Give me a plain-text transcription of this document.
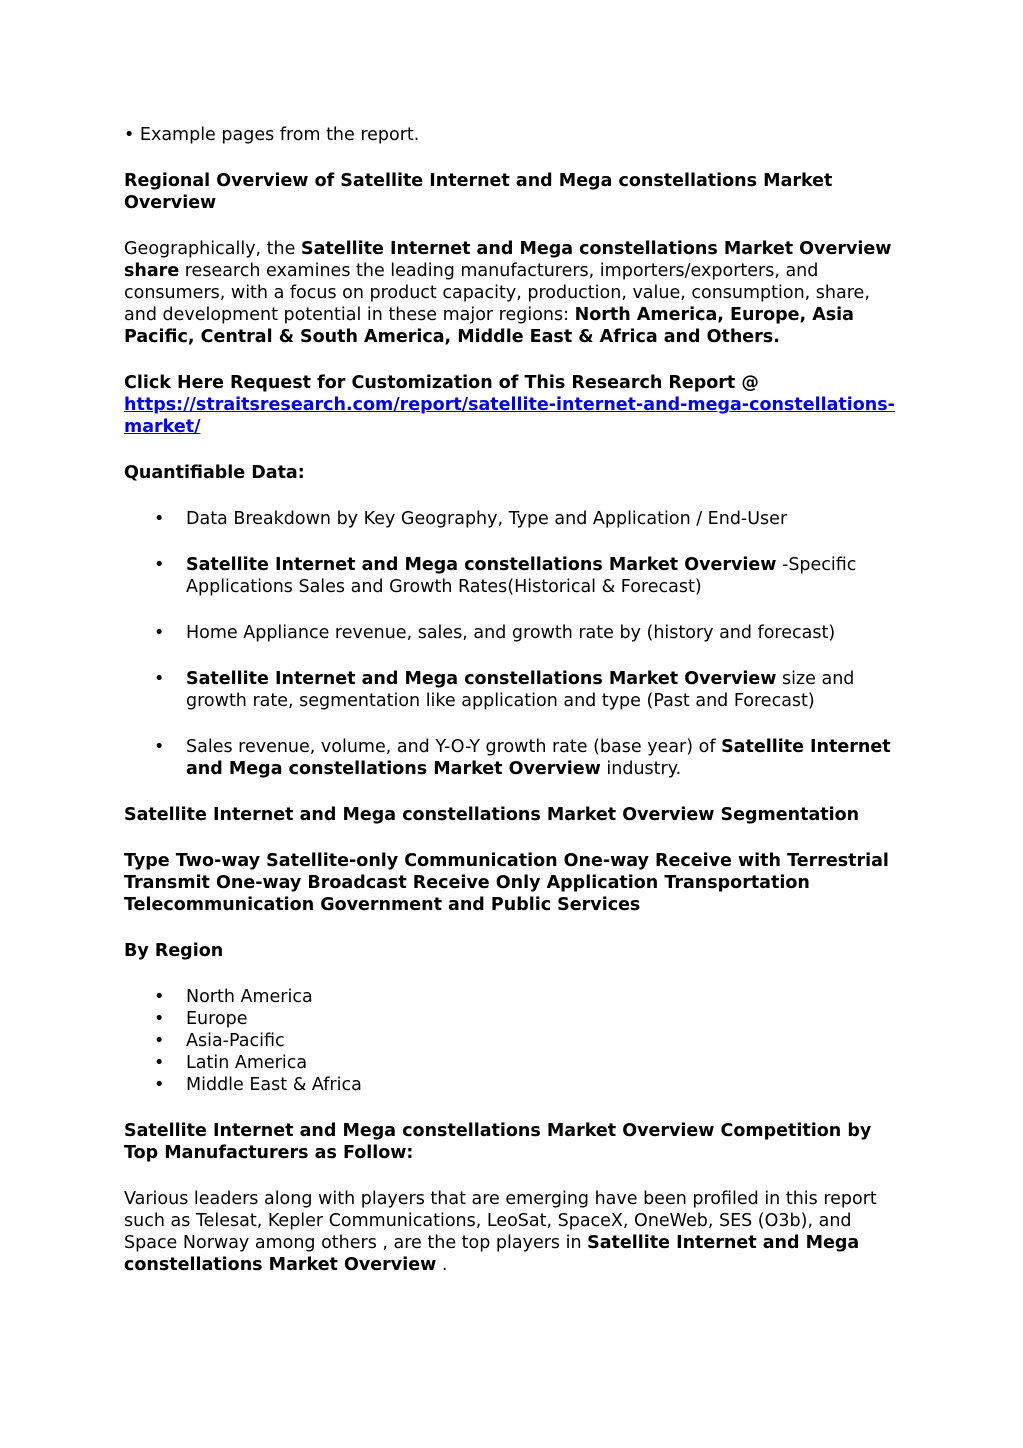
• Example pages from the report.

Regional Overview of Satellite Internet and Mega constellations Market Overview

Geographically, the Satellite Internet and Mega constellations Market Overview share research examines the leading manufacturers, importers/exporters, and consumers, with a focus on product capacity, production, value, consumption, share, and development potential in these major regions: North America, Europe, Asia Pacific, Central & South America, Middle East & Africa and Others.

Click Here Request for Customization of This Research Report @ https://straitsresearch.com/report/satellite-internet-and-mega-constellations-market/

Quantifiable Data:

• Data Breakdown by Key Geography, Type and Application / End-User
• Satellite Internet and Mega constellations Market Overview -Specific Applications Sales and Growth Rates(Historical & Forecast)
• Home Appliance revenue, sales, and growth rate by (history and forecast)
• Satellite Internet and Mega constellations Market Overview size and growth rate, segmentation like application and type (Past and Forecast)
• Sales revenue, volume, and Y-O-Y growth rate (base year) of Satellite Internet and Mega constellations Market Overview industry.

Satellite Internet and Mega constellations Market Overview Segmentation

Type Two-way Satellite-only Communication One-way Receive with Terrestrial Transmit One-way Broadcast Receive Only Application Transportation Telecommunication Government and Public Services

By Region

• North America
• Europe
• Asia-Pacific
• Latin America
• Middle East & Africa

Satellite Internet and Mega constellations Market Overview Competition by Top Manufacturers as Follow:

Various leaders along with players that are emerging have been profiled in this report such as Telesat, Kepler Communications, LeoSat, SpaceX, OneWeb, SES (O3b), and Space Norway among others , are the top players in Satellite Internet and Mega constellations Market Overview .
